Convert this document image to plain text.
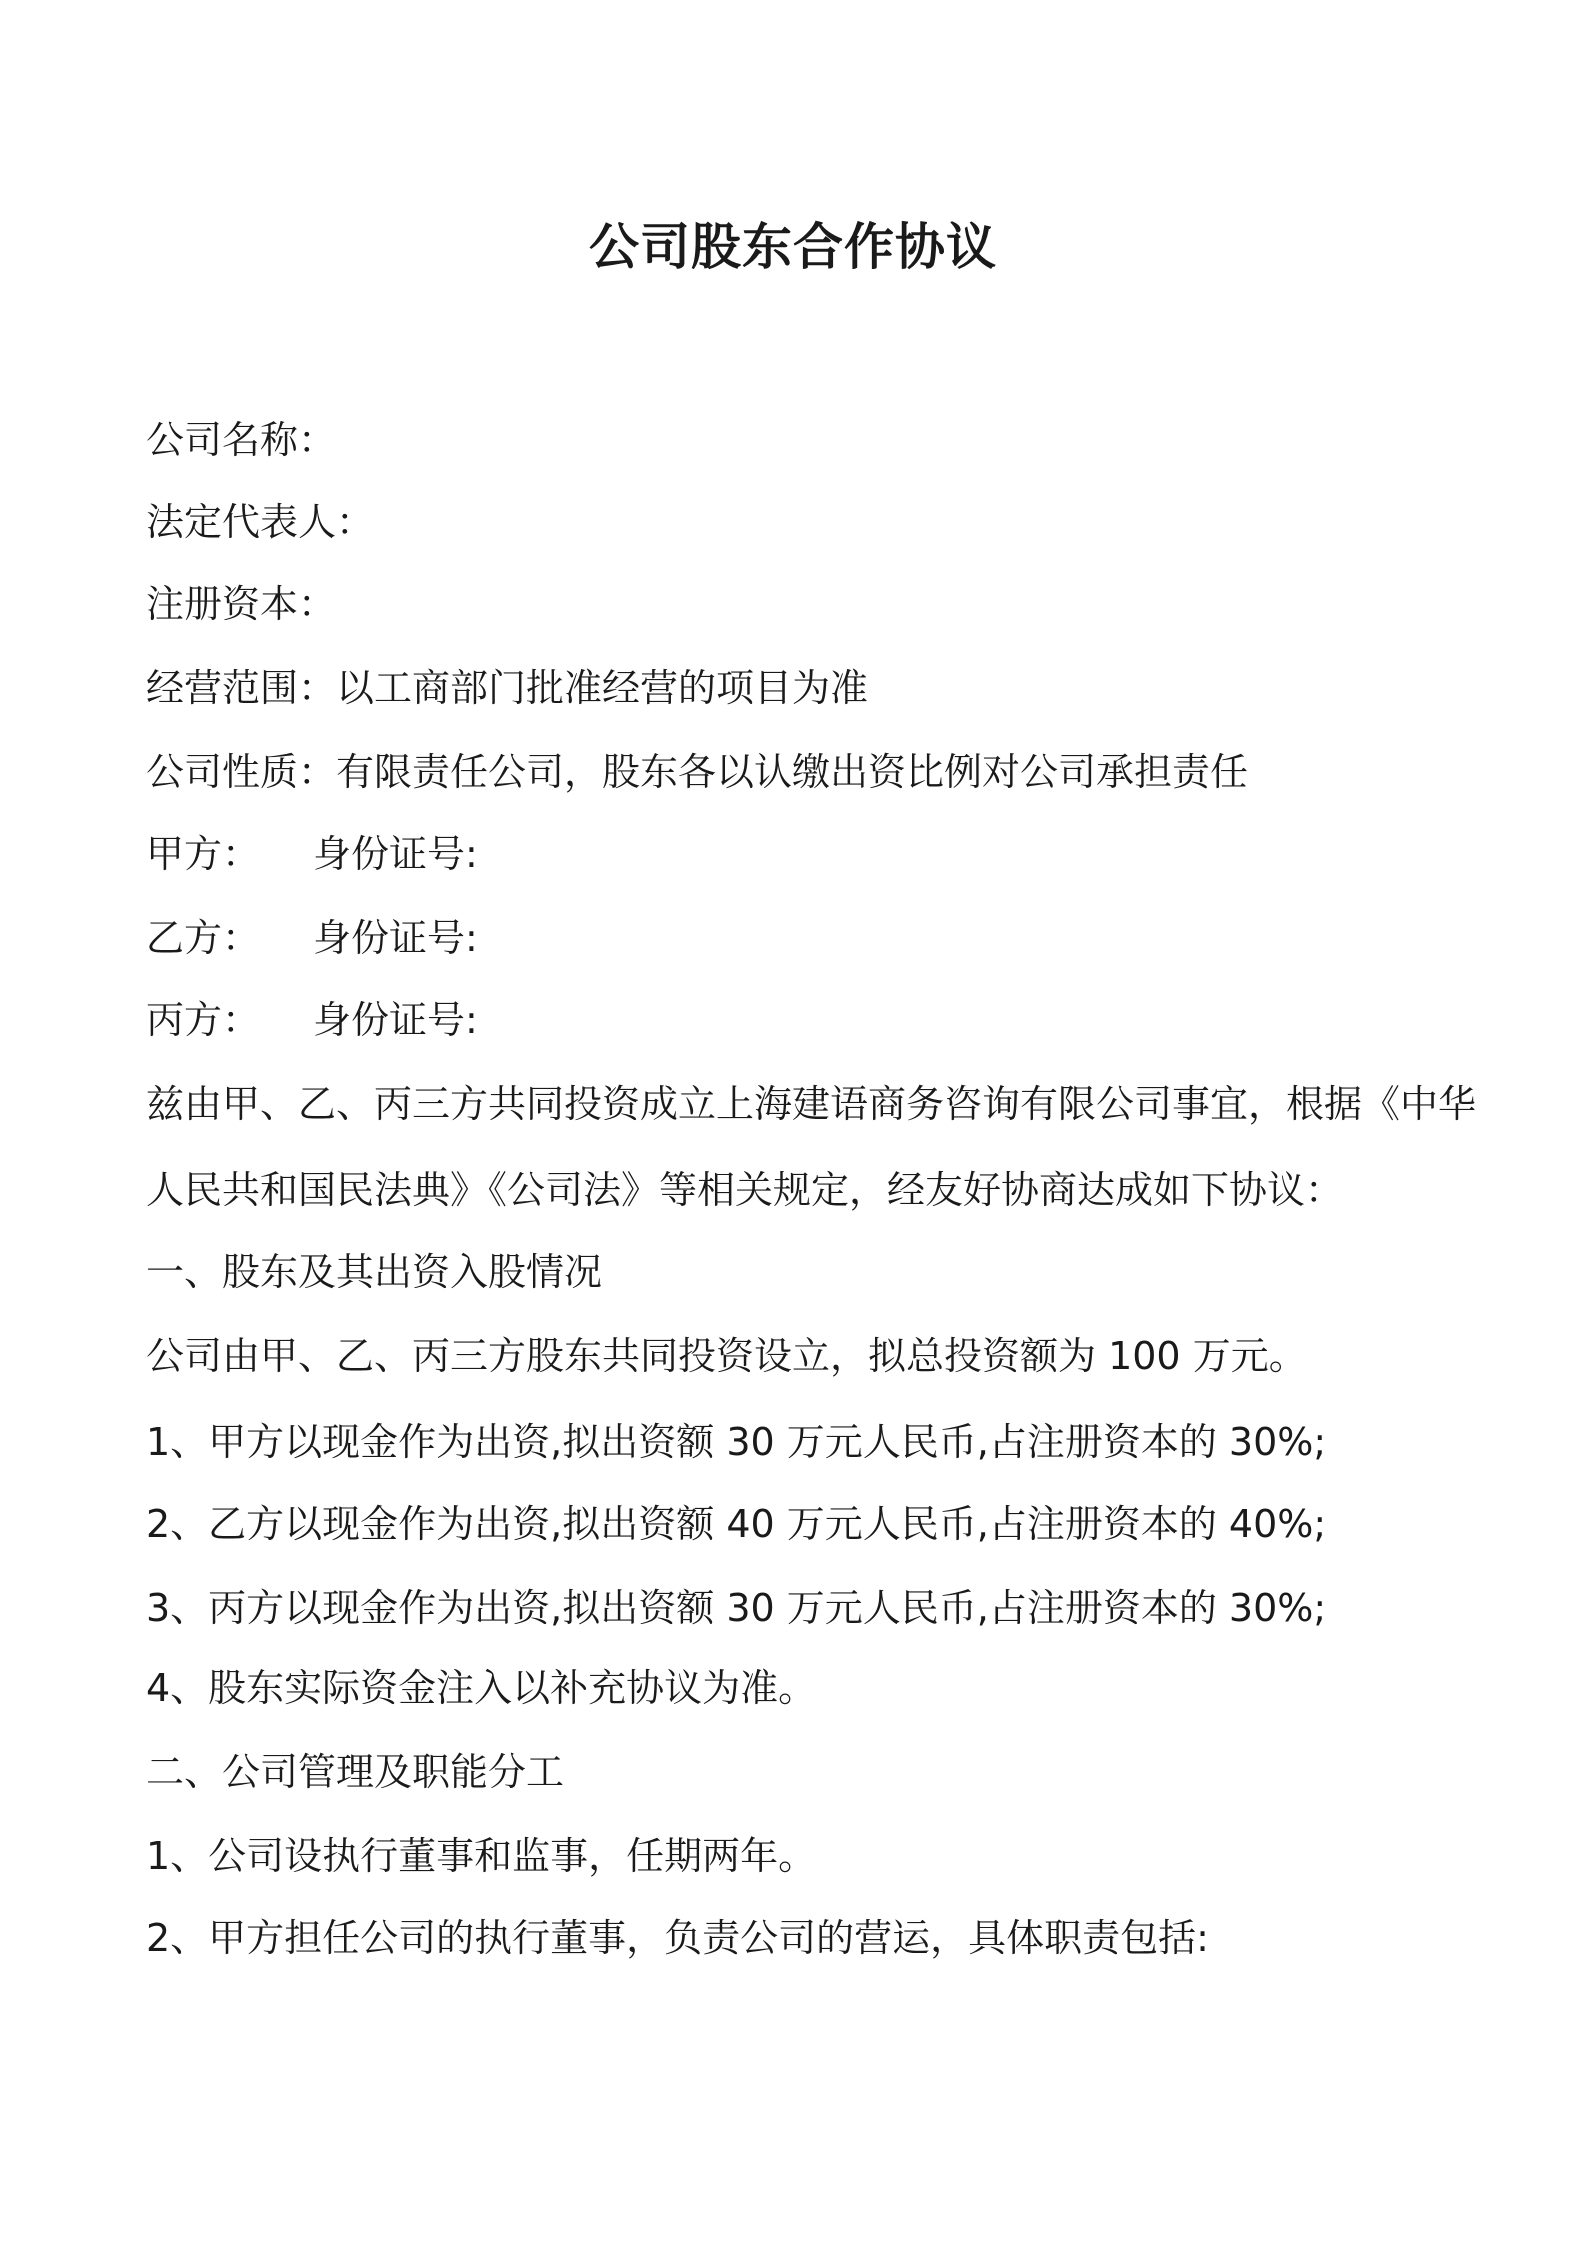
公司股东合作协议
公司名称：
法定代表人：
注册资本：
经营范围：以工商部门批准经营的项目为准
公司性质：有限责任公司，股东各以认缴出资比例对公司承担责任
甲方： 身份证号:
乙方： 身份证号:
丙方： 身份证号:
兹由甲、乙、丙三方共同投资成立上海建语商务咨询有限公司事宜，根据《中华
人民共和国民法典》《公司法》等相关规定，经友好协商达成如下协议：
一、股东及其出资入股情况
公司由甲、乙、丙三方股东共同投资设立，拟总投资额为 100 万元。
1、甲方以现金作为出资,拟出资额 30 万元人民币,占注册资本的 30%;
2、乙方以现金作为出资,拟出资额 40 万元人民币,占注册资本的 40%;
3、丙方以现金作为出资,拟出资额 30 万元人民币,占注册资本的 30%;
4、股东实际资金注入以补充协议为准。
二、公司管理及职能分工
1、公司设执行董事和监事，任期两年。
2、甲方担任公司的执行董事，负责公司的营运，具体职责包括:
